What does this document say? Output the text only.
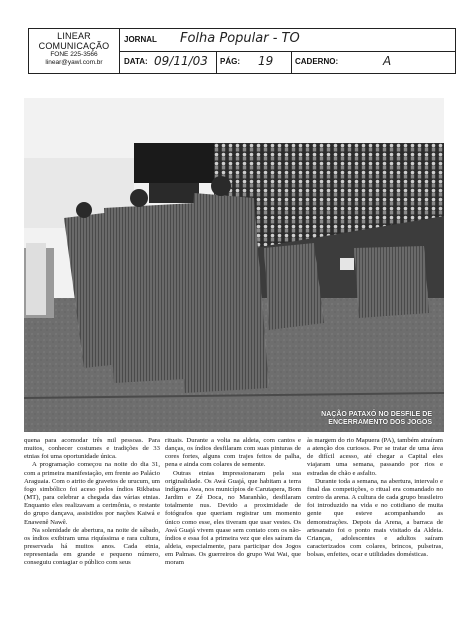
LINEAR COMUNICAÇÃO
FONE 225-3566
linear@yawl.com.br
JORNAL Folha Popular - TO
DATA: 09/11/03 PÁG: 19	CADERNO:	A
NAÇÃO PATAXÓ NO DESFILE DE
ENCERRAMENTO DOS JOGOS

quena para acomodar três mil pessoas. Para muitos, conhecer costumes e tradições de 33 etnias foi uma oportunidade única.

A programação começou na noite do dia 31, com a primeira manifestação, em frente ao Palácio Araguaia. Com o atrito de gravetos de urucum, um fogo simbólico foi aceso pelos índios Rikbatsa (MT), para celebrar a chegada das várias etnias. Enquanto eles realizavam a cerimônia, o restante do grupo dançava, assistidos por nações Kaiwá e Enawenê Nawê.

Na solenidade de abertura, na noite de sábado, os índios exibiram uma riquíssima e rara cultura, preservada há muitos anos. Cada etnia, representada em grande e pequeno número, conseguiu contagiar o público com seus

rituais. Durante a volta na aldeia, com cantos e danças, os índios desfilaram com suas pinturas de cores fortes, alguns com trajes feitos de palha, pena e ainda com colares de semente.

Outras etnias impressionaram pela sua originalidade. Os Awá Guajá, que habitam a terra indígena Awa, nos municípios de Carutapera, Bom Jardim e Zé Doca, no Maranhão, desfilaram totalmente nus. Devido a proximidade de fotógrafos que queriam registrar um momento único como esse, eles tiveram que usar vestes. Os Awá Guajá vivem quase sem contato com os não-índios e essa foi a primeira vez que eles saíram da aldeia, especialmente, para participar dos Jogos em Palmas. Os guerreiros do grupo Wai Wai, que moram

às margem do rio Mapuera (PA), também atraíram a atenção dos curiosos. Por se tratar de uma área de difícil acesso, até chegar a Capital eles viajaram uma semana, passando por rios e estradas de chão e asfalto.

Durante toda a semana, na abertura, intervalo e final das competições, o ritual era comandado no centro da arena. A cultura de cada grupo brasileiro foi introduzido na vida e no cotidiano de muita gente que esteve acompanhando as demonstrações. Depois da Arena, a barraca de artesanato foi o ponto mais visitado da Aldeia. Crianças, adolescentes e adultos saíram caracterizados com colares, brincos, pulseiras, bolsas, enfeites, ocar e utilidades domésticas.
